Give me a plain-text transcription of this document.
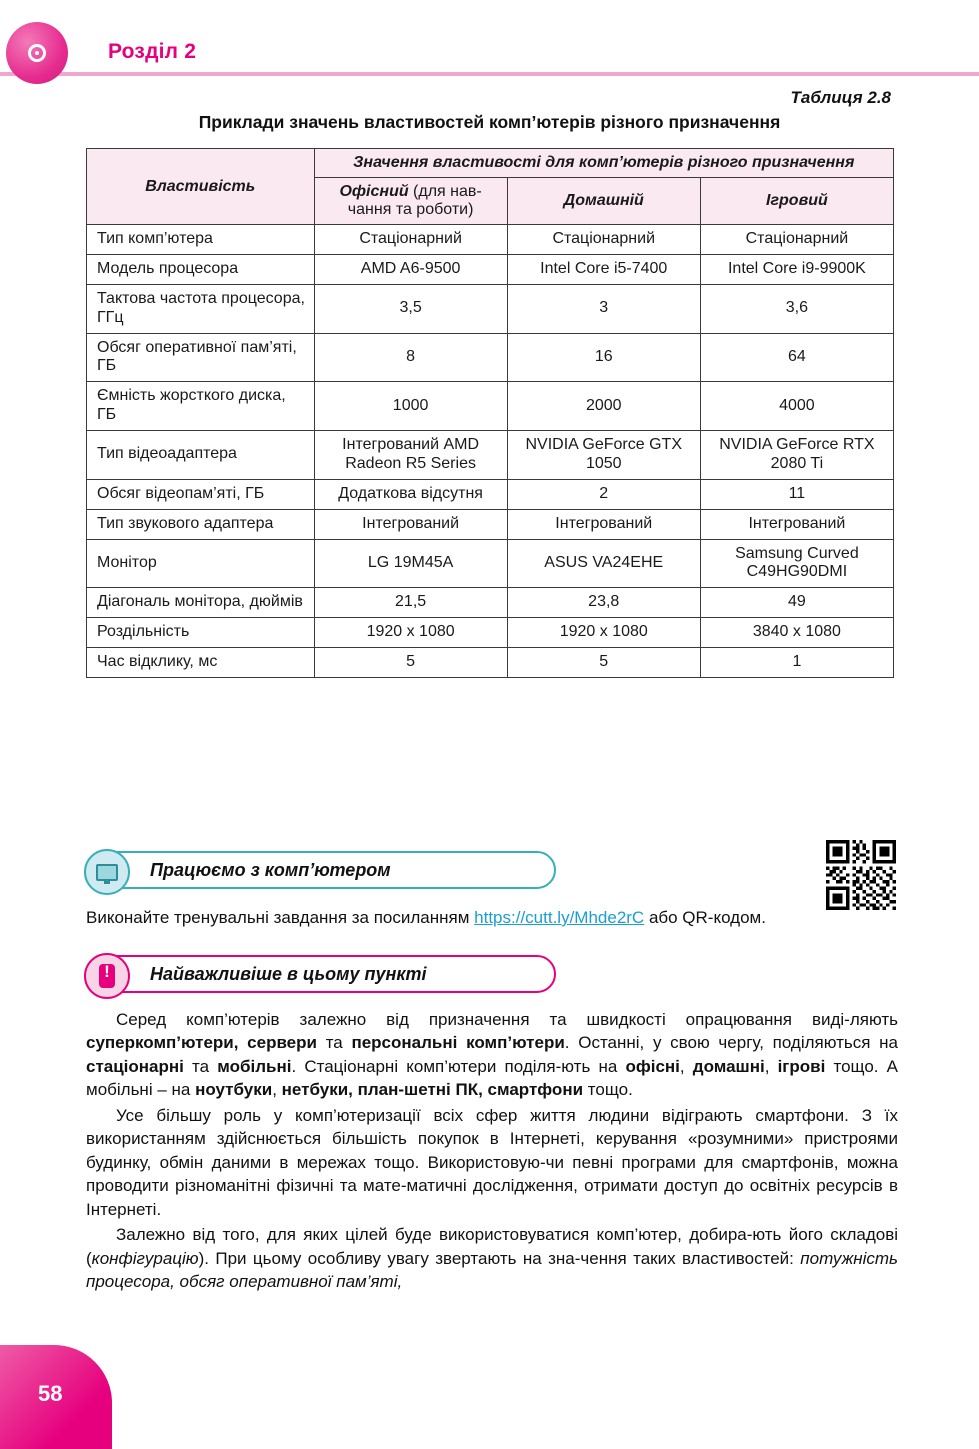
Розділ 2
Таблиця 2.8
Приклади значень властивостей комп’ютерів різного призначення
Властивість	Значення властивості для комп’ютерів різного призначення		
	Офісний (для нав-чання та роботи)	Домашній	Ігровий
Тип комп’ютера	Стаціонарний	Стаціонарний	Стаціонарний
Модель процесора	AMD A6-9500	Intel Core i5-7400	Intel Core i9-9900K
Тактова частота процесора, ГГц	3,5	3	3,6
Обсяг оперативної пам’яті, ГБ	8	16	64
Ємність жорсткого диска, ГБ	1000	2000	4000
Тип відеоадаптера	Інтегрований AMD Radeon R5 Series	NVIDIA GeForce GTX 1050	NVIDIA GeForce RTX 2080 Ti
Обсяг відеопам’яті, ГБ	Додаткова відсутня	2	11
Тип звукового адаптера	Інтегрований	Інтегрований	Інтегрований
Монітор	LG 19M45A	ASUS VA24EHE	Samsung Curved C49HG90DMI
Діагональ монітора, дюймів	21,5	23,8	49
Роздільність	1920 x 1080	1920 x 1080	3840 x 1080
Час відклику, мс	5	5	1
Працюємо з комп’ютером
Виконайте тренувальні завдання за посиланням https://cutt.ly/Mhde2rC або QR-кодом.
!
Найважливіше в цьому пункті

Серед комп’ютерів залежно від призначення та швидкості опрацювання виді-ляють суперкомп’ютери, сервери та персональні комп’ютери. Останні, у свою чергу, поділяються на стаціонарні та мобільні. Стаціонарні комп’ютери поділя-ють на офісні, домашні, ігрові тощо. А мобільні – на ноутбуки, нетбуки, план-шетні ПК, смартфони тощо.

Усе більшу роль у комп’ютеризації всіх сфер життя людини відіграють смартфони. З їх використанням здійснюється більшість покупок в Інтернеті, керування «розумними» пристроями будинку, обмін даними в мережах тощо. Використовую-чи певні програми для смартфонів, можна проводити різноманітні фізичні та мате-матичні дослідження, отримати доступ до освітніх ресурсів в Інтернеті.

Залежно від того, для яких цілей буде використовуватися комп’ютер, добира-ють його складові (конфігурацію). При цьому особливу увагу звертають на зна-чення таких властивостей: потужність процесора, обсяг оперативної пам’яті,

58
